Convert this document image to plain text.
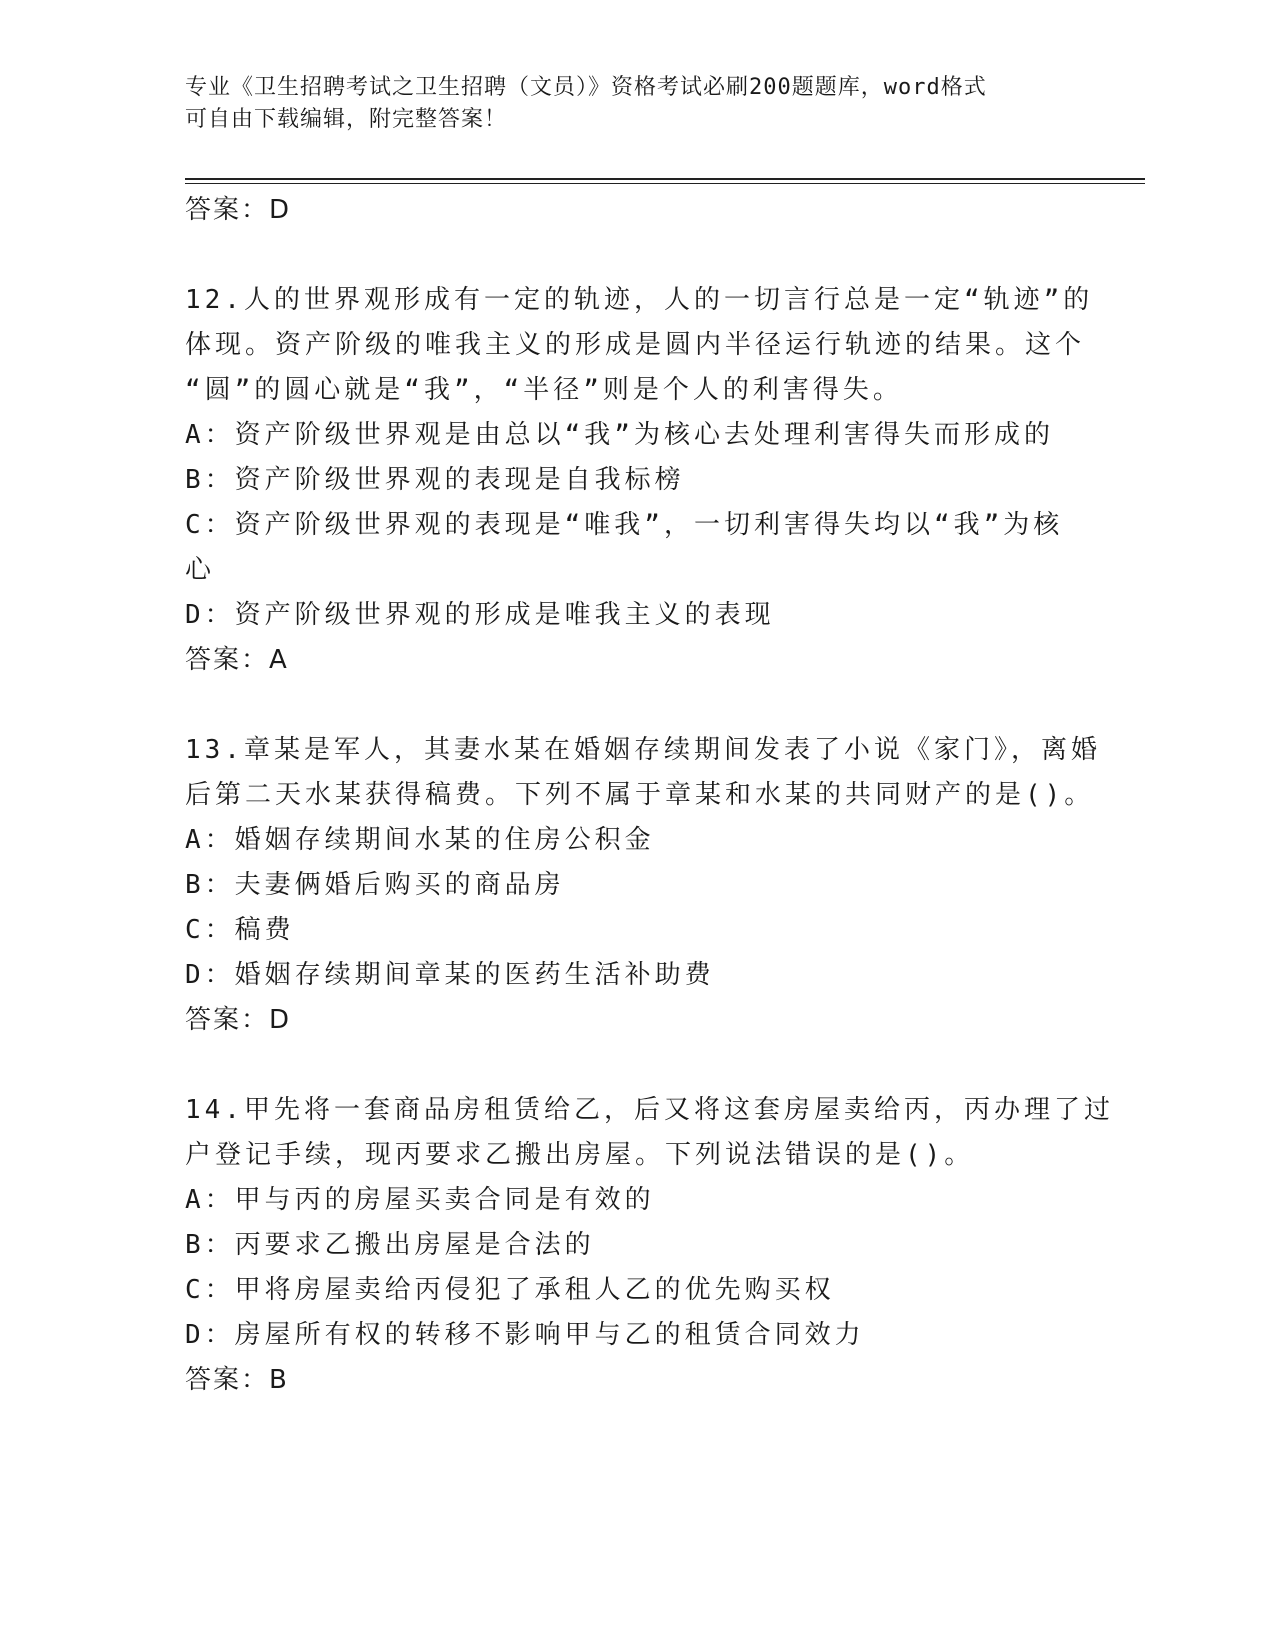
专业《卫生招聘考试之卫生招聘（文员）》资格考试必刷200题题库，word格式
可自由下载编辑，附完整答案！
答案：D
12.人的世界观形成有一定的轨迹，人的一切言行总是一定“轨迹”的
体现。资产阶级的唯我主义的形成是圆内半径运行轨迹的结果。这个
“圆”的圆心就是“我”，“半径”则是个人的利害得失。
A：资产阶级世界观是由总以“我”为核心去处理利害得失而形成的
B：资产阶级世界观的表现是自我标榜
C：资产阶级世界观的表现是“唯我”，一切利害得失均以“我”为核
心
D：资产阶级世界观的形成是唯我主义的表现
答案：A
13.章某是军人，其妻水某在婚姻存续期间发表了小说《家门》，离婚
后第二天水某获得稿费。下列不属于章某和水某的共同财产的是()。
A：婚姻存续期间水某的住房公积金
B：夫妻俩婚后购买的商品房
C：稿费
D：婚姻存续期间章某的医药生活补助费
答案：D
14.甲先将一套商品房租赁给乙，后又将这套房屋卖给丙，丙办理了过
户登记手续，现丙要求乙搬出房屋。下列说法错误的是()。
A：甲与丙的房屋买卖合同是有效的
B：丙要求乙搬出房屋是合法的
C：甲将房屋卖给丙侵犯了承租人乙的优先购买权
D：房屋所有权的转移不影响甲与乙的租赁合同效力
答案：B
